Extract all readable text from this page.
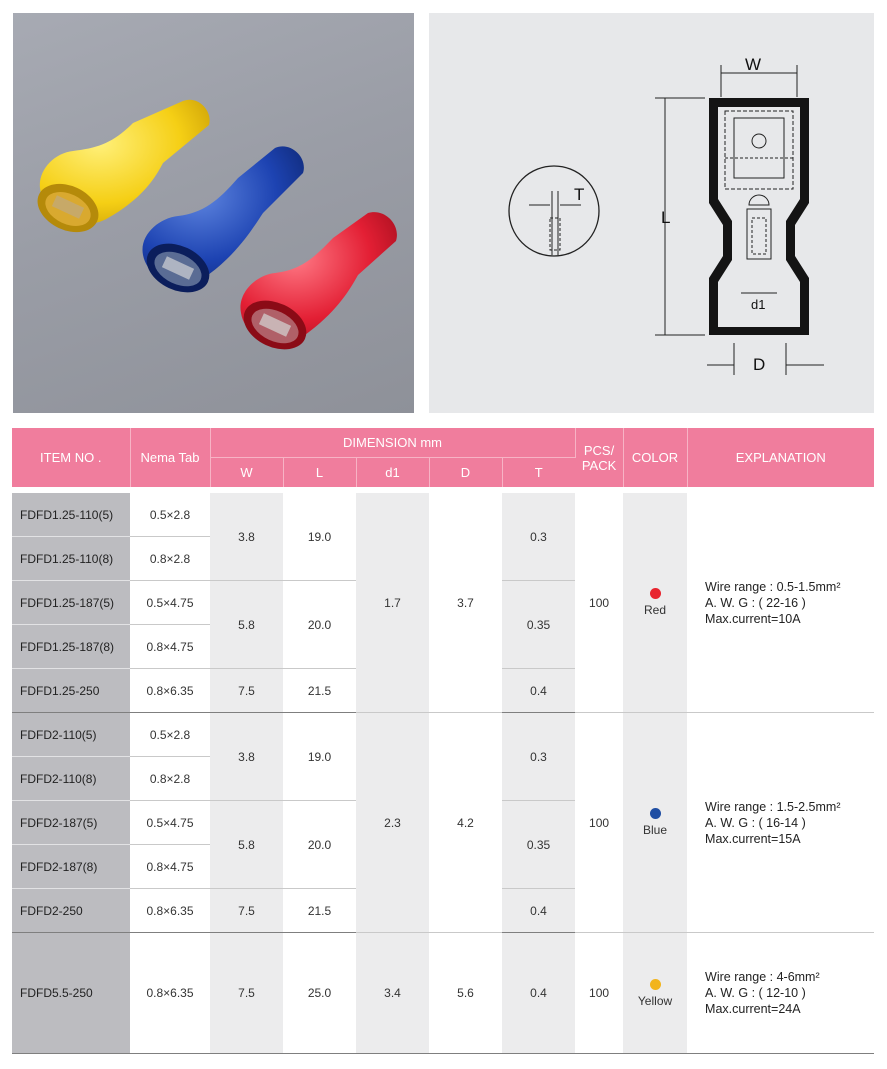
T
W
L
d1
D
ITEM NO .	Nema Tab	DIMENSION mm					PCS/ PACK	COLOR	EXPLANATION
		W	L	d1	D	T			

FDFD1.25-110(5)	0.5×2.8	3.8	19.0	1.7	3.7	0.3	100	Red	Wire range : 0.5-1.5mm²
A. W. G : ( 22-16 )
Max.current=10A

FDFD1.25-110(8)	0.8×2.8								
FDFD1.25-187(5)	0.5×4.75	5.8	20.0			0.35			
FDFD1.25-187(8)	0.8×4.75								
FDFD1.25-250	0.8×6.35	7.5	21.5			0.4			
FDFD2-110(5)	0.5×2.8	3.8	19.0	2.3	4.2	0.3	100	Blue	Wire range : 1.5-2.5mm²
A. W. G : ( 16-14 )
Max.current=15A

FDFD2-110(8)	0.8×2.8								
FDFD2-187(5)	0.5×4.75	5.8	20.0			0.35			
FDFD2-187(8)	0.8×4.75								
FDFD2-250	0.8×6.35	7.5	21.5			0.4			
FDFD5.5-250	0.8×6.35	7.5	25.0	3.4	5.6	0.4	100	Yellow	Wire range : 4-6mm²
A. W. G : ( 12-10 )
Max.current=24A
